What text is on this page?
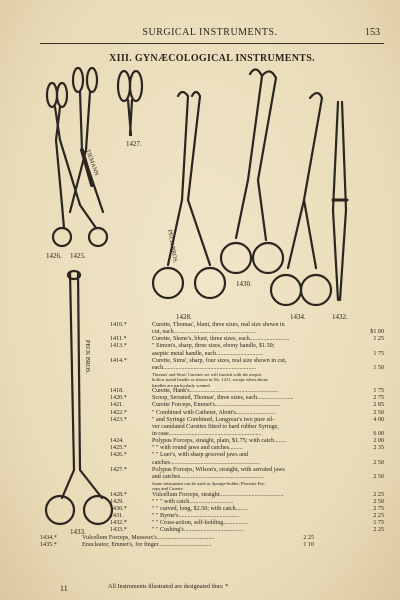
SURGICAL INSTRUMENTS.	153
XIII. GYNÆCOLOGICAL INSTRUMENTS.
TIEMANN
PECK BROS.
PECK BROS.
1426. 1425.
1427.
1428.
1430.
1434.	1432.
1433.
1410.*	Curette, Thomas', blunt, three sizes, real size shown in
cut, each......................................................	$1 00
1411.*	Curette, Skene's, blunt, three sizes, each..........................	1 25
1413.*	" Simon's, sharp, three sizes, ebony handle, $1.50;
aseptic metal handle, each...............................	1 75
1414.*	Curette, Sims', sharp, four sizes, real size shown in cut,
each.............................................................	1 50
Thomas' and Sims' Curettes we will furnish with the aseptic
hollow metal handle as shown in No. 1411, except when ebony
handles are particularly wanted.
1418.	Curette, Hank's..........................................................	1 75
1420.*	Scoop, Serrated, Thomas', three sizes, each........................	2 75
1421.	Curette Forceps, Emmet's...........................................	2 85
1422.*	" Combined with Catheter, Abott's..........................	2 50
1423.*	" and Syringe Combined, Longyear's two pure sil-	4 00
ver canulated Curettes fitted to hard rubber Syringe,
in case.............................................................	6 00
1424.	Polypus Forceps, straight, plain, $1.75; with catch........	2 00
1425.*	" " with round jaws and catches.........	2 35
1426.*	" " Luer's, with sharp grooved jaws and
catches...........................................................	2 50
1427.*	Polypus Forceps, Wilson's, straight, with serrated jaws
and catches.......................................................	2 50
Same instrument can be used as Sponge-holder, Placenta For-
ceps and Curette.
1428.*	Vulcellum Forceps, straight..........................................	2 25
1429.	" " " with catch.............................	2 50
1430.*	" " curved, long, $2.50; with catch........	2 75
1431.	" " Byrne's........................................	2 25
1432.*	" " Cross-action, self-holding................	1 75
1433.*	" " Cushing's.......................................	2 25
1434.*	Vulcellum Forceps, Musseux's......................................	2 25
1435.*	Enucleator, Emmet's, for finger...................................	1 10
All Instruments illustrated are designated thus: *
11
